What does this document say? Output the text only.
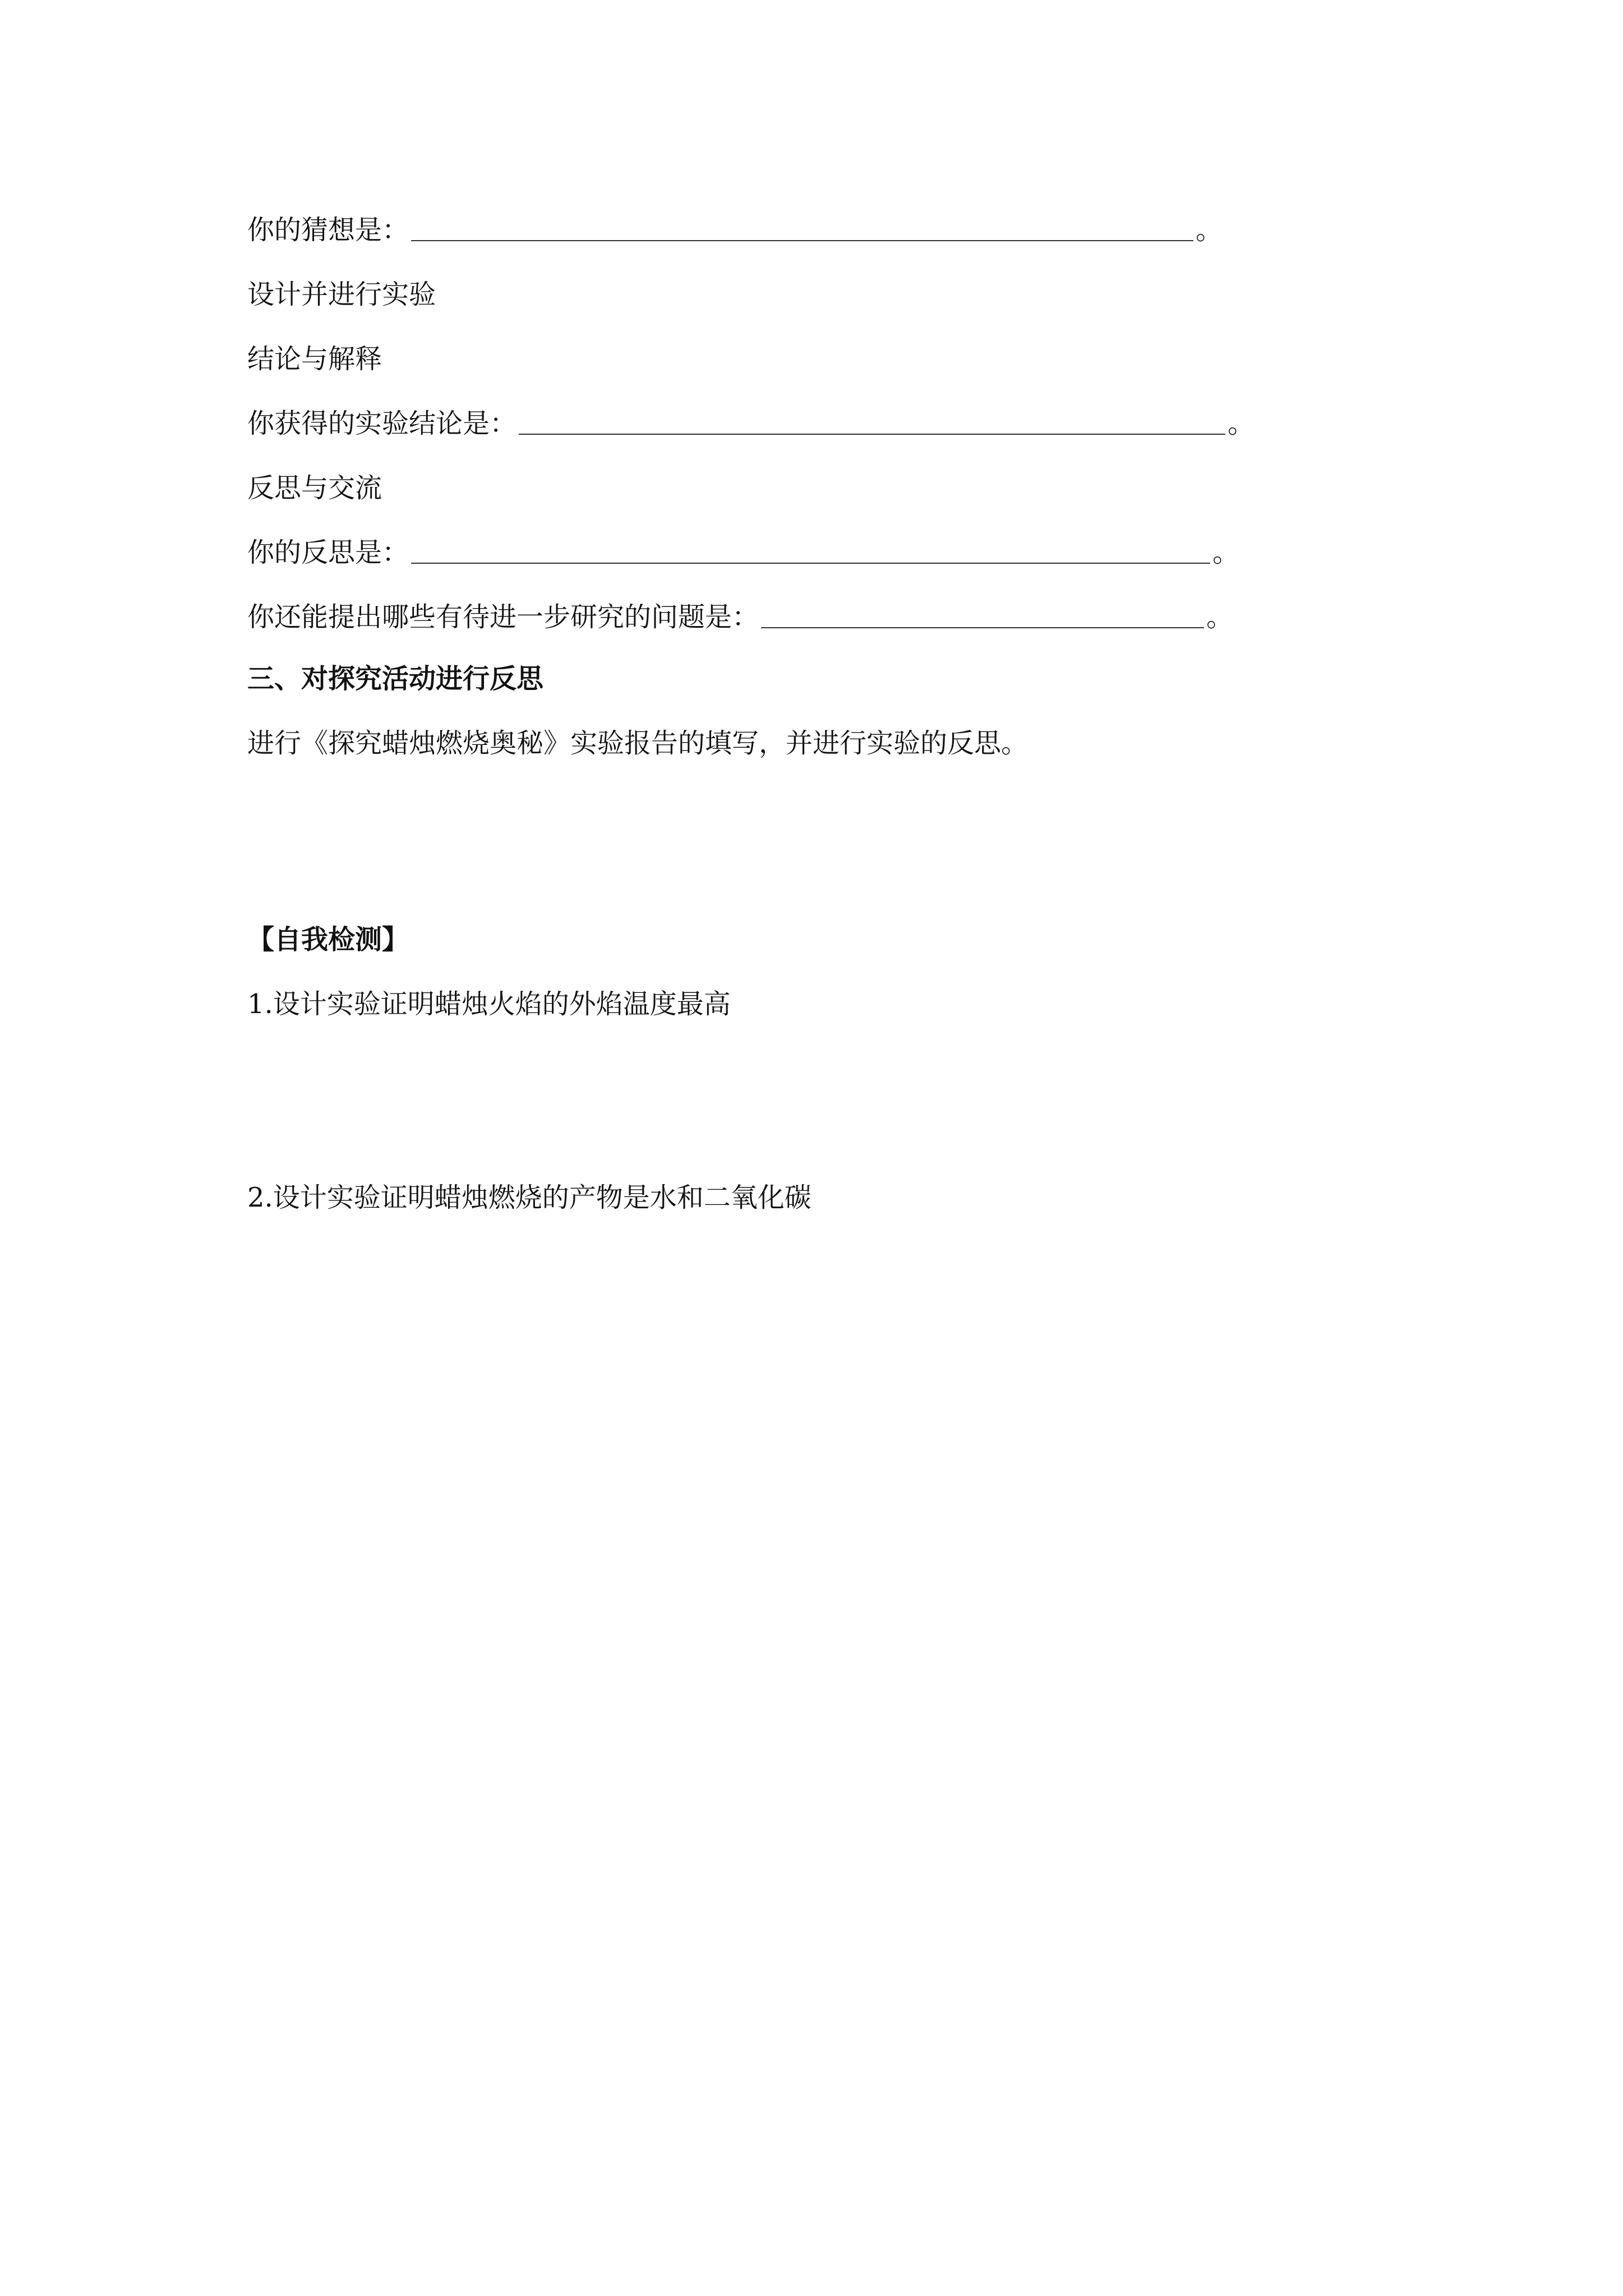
你的猜想是：	。
设计并进行实验
结论与解释
你获得的实验结论是：	。
反思与交流
你的反思是：	。
你还能提出哪些有待进一步研究的问题是：	。
三、对探究活动进行反思
进行《探究蜡烛燃烧奥秘》实验报告的填写，并进行实验的反思。
【自我检测】
1.设计实验证明蜡烛火焰的外焰温度最高
2.设计实验证明蜡烛燃烧的产物是水和二氧化碳
